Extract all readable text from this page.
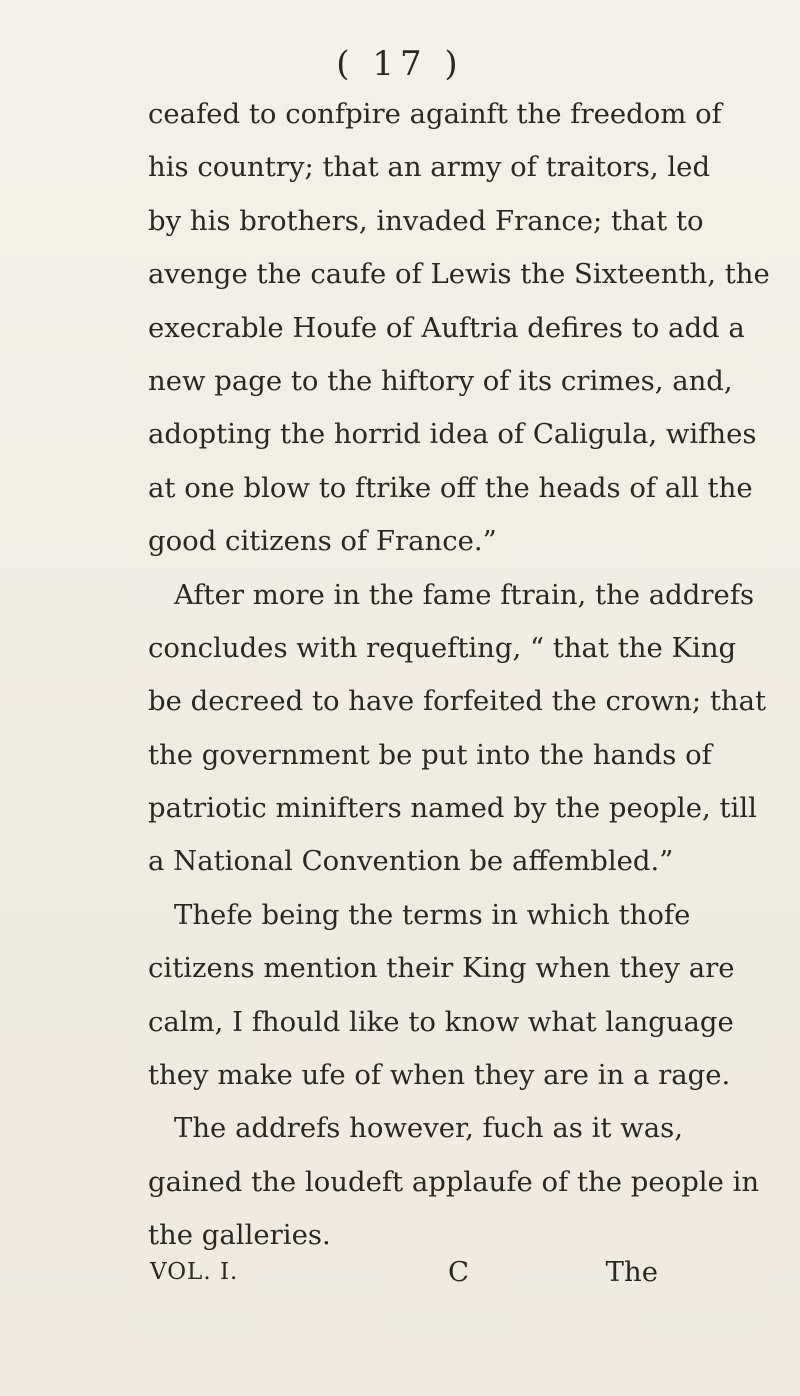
( 17 )
ceafed to confpire againft the freedom of
his country; that an army of traitors, led
by his brothers, invaded France; that to
avenge the caufe of Lewis the Sixteenth, the
execrable Houfe of Auftria defires to add a
new page to the hiftory of its crimes, and,
adopting the horrid idea of Caligula, wifhes
at one blow to ftrike off the heads of all the
good citizens of France.”
After more in the fame ftrain, the addrefs
concludes with requefting, “ that the King
be decreed to have forfeited the crown; that
the government be put into the hands of
patriotic minifters named by the people, till
a National Convention be affembled.”
Thefe being the terms in which thofe
citizens mention their King when they are
calm, I fhould like to know what language
they make ufe of when they are in a rage.
The addrefs however, fuch as it was,
gained the loudeft applaufe of the people in
the galleries.
VOL. I.	C	The
